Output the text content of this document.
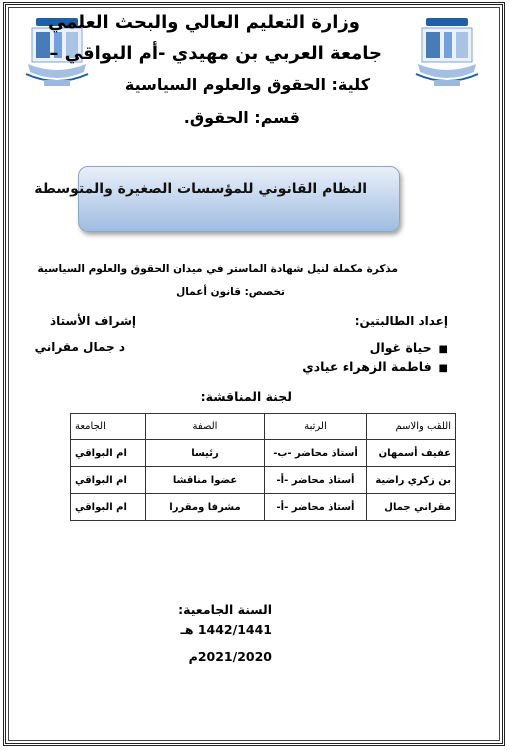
وزارة التعليم العالي والبحث العلمي
جامعة العربي بن مهيدي -أم البواقي –
كلية: الحقوق والعلوم السياسية
قسم: الحقوق.
النظام القانوني للمؤسسات الصغيرة والمتوسطة
مذكرة مكملة لنيل شهادة الماستر في ميدان الحقوق والعلوم السياسية
تخصص: قانون أعمال
إعداد الطالبتين:
إشراف الأستاذ
■ حياة غوال
■ فاطمة الزهراء عيادي
د جمال مقراني
لجنة المناقشة:
اللقب والاسم	الرتبة	الصفة	الجامعة
عفيف أسمهان	أستاذ محاضر -ب-	رئيسا	ام البواقي
بن زكري راضية	أستاذ محاضر -أ-	عضوا مناقشا	ام البواقي
مقراني جمال	أستاذ محاضر -أ-	مشرفا ومقررا	ام البواقي
السنة الجامعية:
1442/1441 هـ
2021/2020م
